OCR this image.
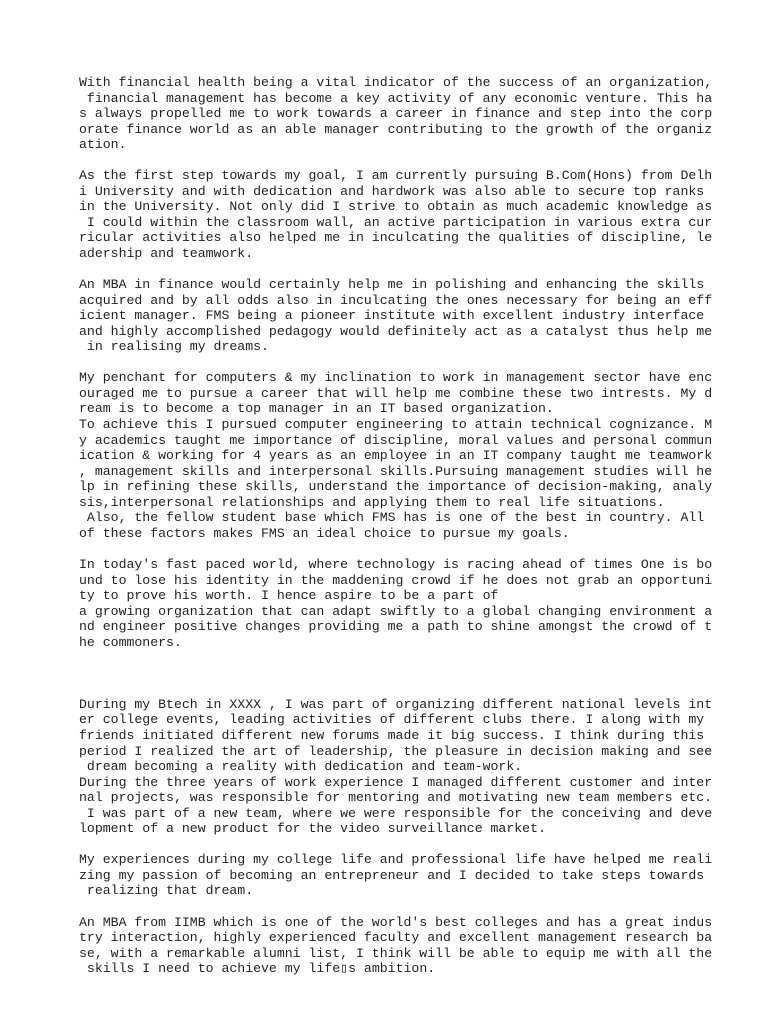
With financial health being a vital indicator of the success of an organization,
financial management has become a key activity of any economic venture. This ha
s always propelled me to work towards a career in finance and step into the corp
orate finance world as an able manager contributing to the growth of the organiz
ation.
As the first step towards my goal, I am currently pursuing B.Com(Hons) from Delh
i University and with dedication and hardwork was also able to secure top ranks
in the University. Not only did I strive to obtain as much academic knowledge as
I could within the classroom wall, an active participation in various extra cur
ricular activities also helped me in inculcating the qualities of discipline, le
adership and teamwork.
An MBA in finance would certainly help me in polishing and enhancing the skills
acquired and by all odds also in inculcating the ones necessary for being an eff
icient manager. FMS being a pioneer institute with excellent industry interface
and highly accomplished pedagogy would definitely act as a catalyst thus help me
in realising my dreams.
My penchant for computers & my inclination to work in management sector have enc
ouraged me to pursue a career that will help me combine these two intrests. My d
ream is to become a top manager in an IT based organization.
To achieve this I pursued computer engineering to attain technical cognizance. M
y academics taught me importance of discipline, moral values and personal commun
ication & working for 4 years as an employee in an IT company taught me teamwork
, management skills and interpersonal skills.Pursuing management studies will he
lp in refining these skills, understand the importance of decision-making, analy
sis,interpersonal relationships and applying them to real life situations.
Also, the fellow student base which FMS has is one of the best in country. All
of these factors makes FMS an ideal choice to pursue my goals.
In today's fast paced world, where technology is racing ahead of times One is bo
und to lose his identity in the maddening crowd if he does not grab an opportuni
ty to prove his worth. I hence aspire to be a part of
a growing organization that can adapt swiftly to a global changing environment a
nd engineer positive changes providing me a path to shine amongst the crowd of t
he commoners.
During my Btech in XXXX , I was part of organizing different national levels int
er college events, leading activities of different clubs there. I along with my
friends initiated different new forums made it big success. I think during this
period I realized the art of leadership, the pleasure in decision making and see
dream becoming a reality with dedication and team-work.
During the three years of work experience I managed different customer and inter
nal projects, was responsible for mentoring and motivating new team members etc.
I was part of a new team, where we were responsible for the conceiving and deve
lopment of a new product for the video surveillance market.
My experiences during my college life and professional life have helped me reali
zing my passion of becoming an entrepreneur and I decided to take steps towards
realizing that dream.
An MBA from IIMB which is one of the world's best colleges and has a great indus
try interaction, highly experienced faculty and excellent management research ba
se, with a remarkable alumni list, I think will be able to equip me with all the
skills I need to achieve my life▯s ambition.
